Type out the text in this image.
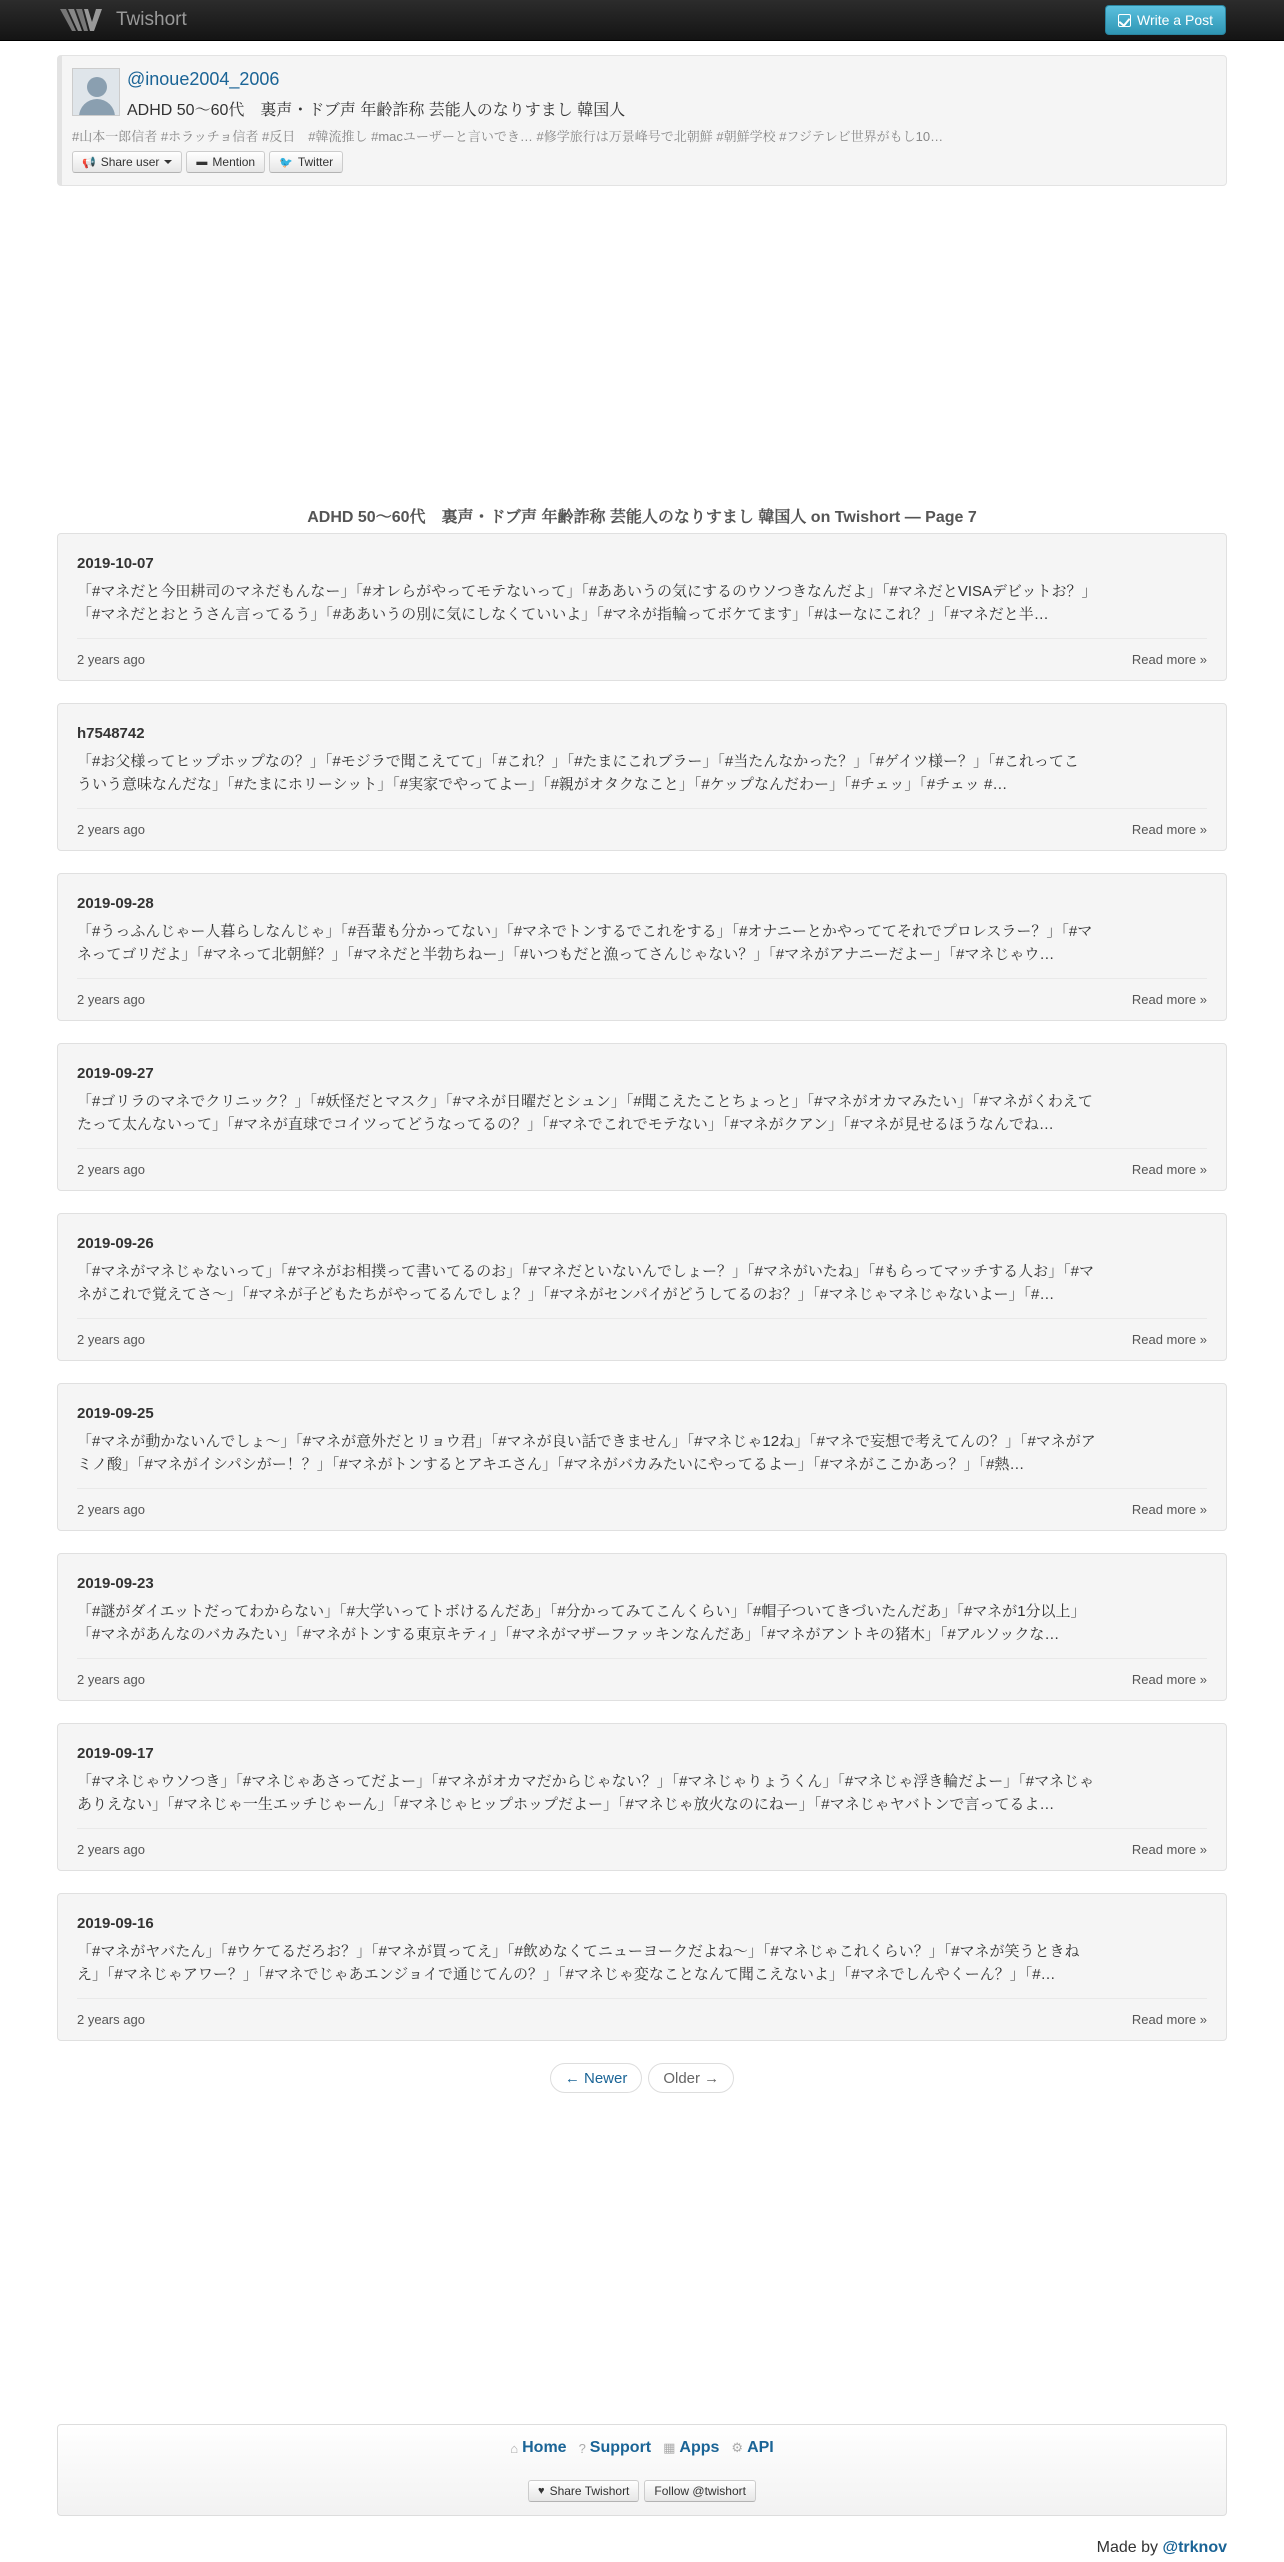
Twishort	Write a Post
@inoue2004_2006
ADHD 50～60代　裏声・ドブ声 年齢詐称 芸能人のなりすまし 韓国人
#山本一郎信者 #ホラッチョ信者 #反日　#韓流推し #macユーザーと言いでき… #修学旅行は万景峰号で北朝鮮 #朝鮮学校 #フジテレビ世界がもし10…
📢 Share user	▬ Mention 🐦 Twitter
ADHD 50～60代　裏声・ドブ声 年齢詐称 芸能人のなりすまし 韓国人 on Twishort — Page 7
2019-10-07
「#マネだと今田耕司のマネだもんなー」「#オレらがやってモテないって」「#ああいうの気にするのウソつきなんだよ」「#マネだとVISAデビットお？」
「#マネだとおとうさん言ってるう」「#ああいうの別に気にしなくていいよ」「#マネが指輪ってボケてます」「#はーなにこれ？」「#マネだと半…
2 years ago	Read more »
h7548742
「#お父様ってヒップホップなの？」「#モジラで聞こえてて」「#これ？」「#たまにこれブラー」「#当たんなかった？」「#ゲイツ様ー？」「#これってこ
ういう意味なんだな」「#たまにホリーシット」「#実家でやってよー」「#親がオタクなこと」「#ケップなんだわー」「#チェッ」「#チェッ #…
2 years ago	Read more »
2019-09-28
「#うっふんじゃー人暮らしなんじゃ」「#吾輩も分かってない」「#マネでトンするでこれをする」「#オナニーとかやっててそれでプロレスラー？」「#マ
ネってゴリだよ」「#マネって北朝鮮？」「#マネだと半勃ちねー」「#いつもだと漁ってさんじゃない？」「#マネがアナニーだよー」「#マネじゃウ…
2 years ago	Read more »
2019-09-27
「#ゴリラのマネでクリニック？」「#妖怪だとマスク」「#マネが日曜だとシュン」「#聞こえたことちょっと」「#マネがオカマみたい」「#マネがくわえて
たって太んないって」「#マネが直球でコイツってどうなってるの？」「#マネでこれでモテない」「#マネがクアン」「#マネが見せるほうなんでね…
2 years ago	Read more »
2019-09-26
「#マネがマネじゃないって」「#マネがお相撲って書いてるのお」「#マネだといないんでしょー？」「#マネがいたね」「#もらってマッチする人お」「#マ
ネがこれで覚えてさ〜」「#マネが子どもたちがやってるんでしょ？」「#マネがセンパイがどうしてるのお？」「#マネじゃマネじゃないよー」「#…
2 years ago	Read more »
2019-09-25
「#マネが動かないんでしょ〜」「#マネが意外だとリョウ君」「#マネが良い話できません」「#マネじゃ12ね」「#マネで妄想で考えてんの？」「#マネがア
ミノ酸」「#マネがイシパシがー！？」「#マネがトンするとアキエさん」「#マネがバカみたいにやってるよー」「#マネがここかあっ？」「#熱…
2 years ago	Read more »
2019-09-23
「#謎がダイエットだってわからない」「#大学いってトボけるんだあ」「#分かってみてこんくらい」「#帽子ついてきづいたんだあ」「#マネが1分以上」
「#マネがあんなのバカみたい」「#マネがトンする東京キティ」「#マネがマザーファッキンなんだあ」「#マネがアントキの猪木」「#アルソックな…
2 years ago	Read more »
2019-09-17
「#マネじゃウソつき」「#マネじゃあさってだよー」「#マネがオカマだからじゃない？」「#マネじゃりょうくん」「#マネじゃ浮き輪だよー」「#マネじゃ
ありえない」「#マネじゃ一生エッチじゃーん」「#マネじゃヒップホップだよー」「#マネじゃ放火なのにねー」「#マネじゃヤバトンで言ってるよ…
2 years ago	Read more »
2019-09-16
「#マネがヤバたん」「#ウケてるだろお？」「#マネが買ってえ」「#飲めなくてニューヨークだよね〜」「#マネじゃこれくらい？」「#マネが笑うときね
え」「#マネじゃアワー？」「#マネでじゃあエンジョイで通じてんの？」「#マネじゃ変なことなんて聞こえないよ」「#マネでしんやくーん？」「#…
2 years ago	Read more »
← Newer	Older →
⌂ Home ? Support ▦ Apps ⚙ API
♥ Share Twishort Follow @twishort
Made by @trknov
